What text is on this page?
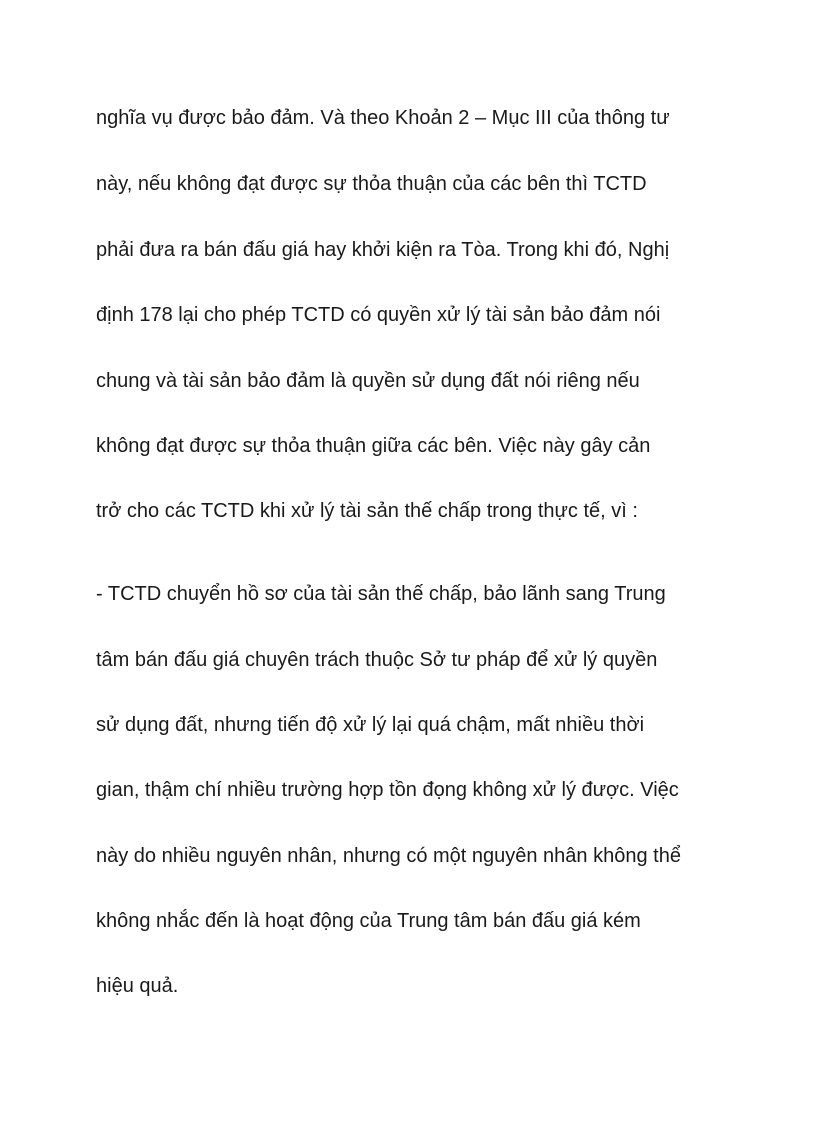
nghĩa vụ được bảo đảm. Và theo Khoản 2 – Mục III của thông tư

này, nếu không đạt được sự thỏa thuận của các bên thì TCTD

phải đưa ra bán đấu giá hay khởi kiện ra Tòa. Trong khi đó, Nghị

định 178 lại cho phép TCTD có quyền xử lý tài sản bảo đảm nói

chung và tài sản bảo đảm là quyền sử dụng đất nói riêng nếu

không đạt được sự thỏa thuận giữa các bên. Việc này gây cản

trở cho các TCTD khi xử lý tài sản thế chấp trong thực tế, vì :

- TCTD chuyển hồ sơ của tài sản thế chấp, bảo lãnh sang Trung

tâm bán đấu giá chuyên trách thuộc Sở tư pháp để xử lý quyền

sử dụng đất, nhưng tiến độ xử lý lại quá chậm, mất nhiều thời

gian, thậm chí nhiều trường hợp tồn đọng không xử lý được. Việc

này do nhiều nguyên nhân, nhưng có một nguyên nhân không thể

không nhắc đến là hoạt động của Trung tâm bán đấu giá kém

hiệu quả.
